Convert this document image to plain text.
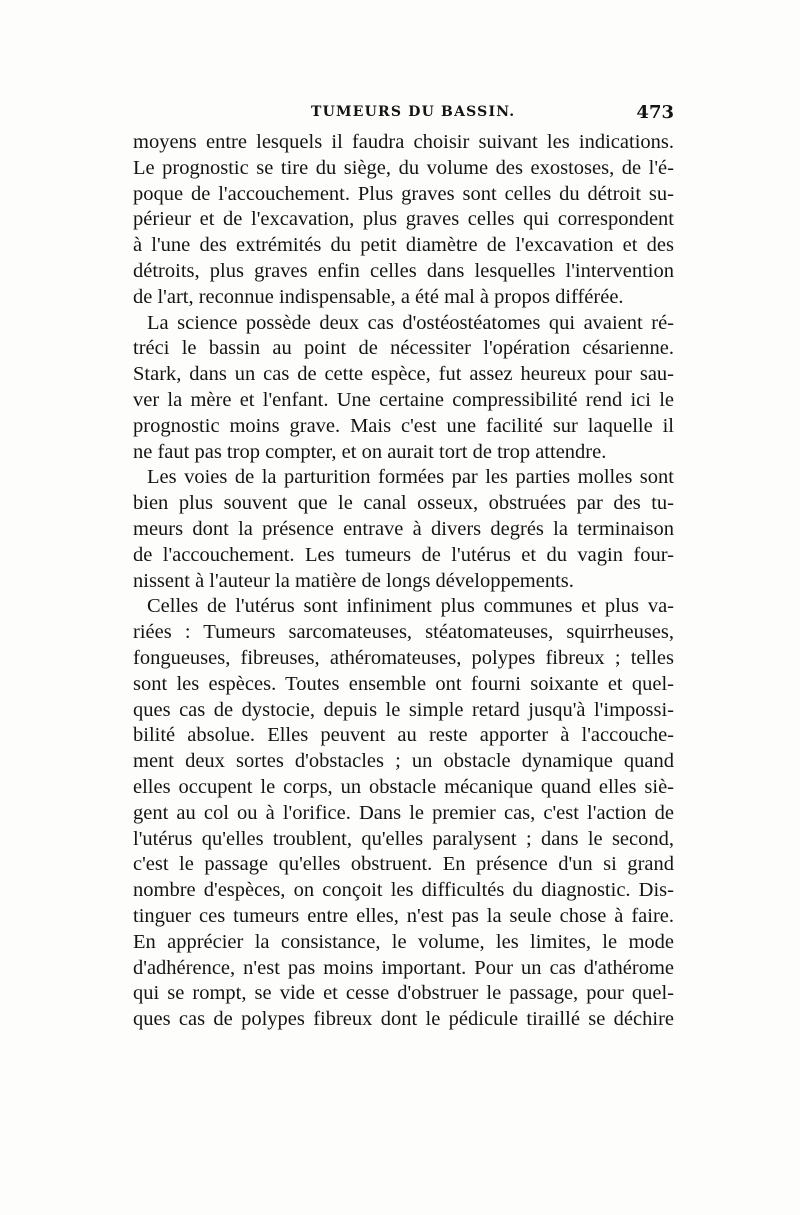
TUMEURS DU BASSIN.	473
moyens entre lesquels il faudra choisir suivant les indications.
Le prognostic se tire du siège, du volume des exostoses, de l'é-
poque de l'accouchement. Plus graves sont celles du détroit su-
périeur et de l'excavation, plus graves celles qui correspondent
à l'une des extrémités du petit diamètre de l'excavation et des
détroits, plus graves enfin celles dans lesquelles l'intervention
de l'art, reconnue indispensable, a été mal à propos différée.
La science possède deux cas d'ostéostéatomes qui avaient ré-
tréci le bassin au point de nécessiter l'opération césarienne.
Stark, dans un cas de cette espèce, fut assez heureux pour sau-
ver la mère et l'enfant. Une certaine compressibilité rend ici le
prognostic moins grave. Mais c'est une facilité sur laquelle il
ne faut pas trop compter, et on aurait tort de trop attendre.
Les voies de la parturition formées par les parties molles sont
bien plus souvent que le canal osseux, obstruées par des tu-
meurs dont la présence entrave à divers degrés la terminaison
de l'accouchement. Les tumeurs de l'utérus et du vagin four-
nissent à l'auteur la matière de longs développements.
Celles de l'utérus sont infiniment plus communes et plus va-
riées : Tumeurs sarcomateuses, stéatomateuses, squirrheuses,
fongueuses, fibreuses, athéromateuses, polypes fibreux ; telles
sont les espèces. Toutes ensemble ont fourni soixante et quel-
ques cas de dystocie, depuis le simple retard jusqu'à l'impossi-
bilité absolue. Elles peuvent au reste apporter à l'accouche-
ment deux sortes d'obstacles ; un obstacle dynamique quand
elles occupent le corps, un obstacle mécanique quand elles siè-
gent au col ou à l'orifice. Dans le premier cas, c'est l'action de
l'utérus qu'elles troublent, qu'elles paralysent ; dans le second,
c'est le passage qu'elles obstruent. En présence d'un si grand
nombre d'espèces, on conçoit les difficultés du diagnostic. Dis-
tinguer ces tumeurs entre elles, n'est pas la seule chose à faire.
En apprécier la consistance, le volume, les limites, le mode
d'adhérence, n'est pas moins important. Pour un cas d'athérome
qui se rompt, se vide et cesse d'obstruer le passage, pour quel-
ques cas de polypes fibreux dont le pédicule tiraillé se déchire
